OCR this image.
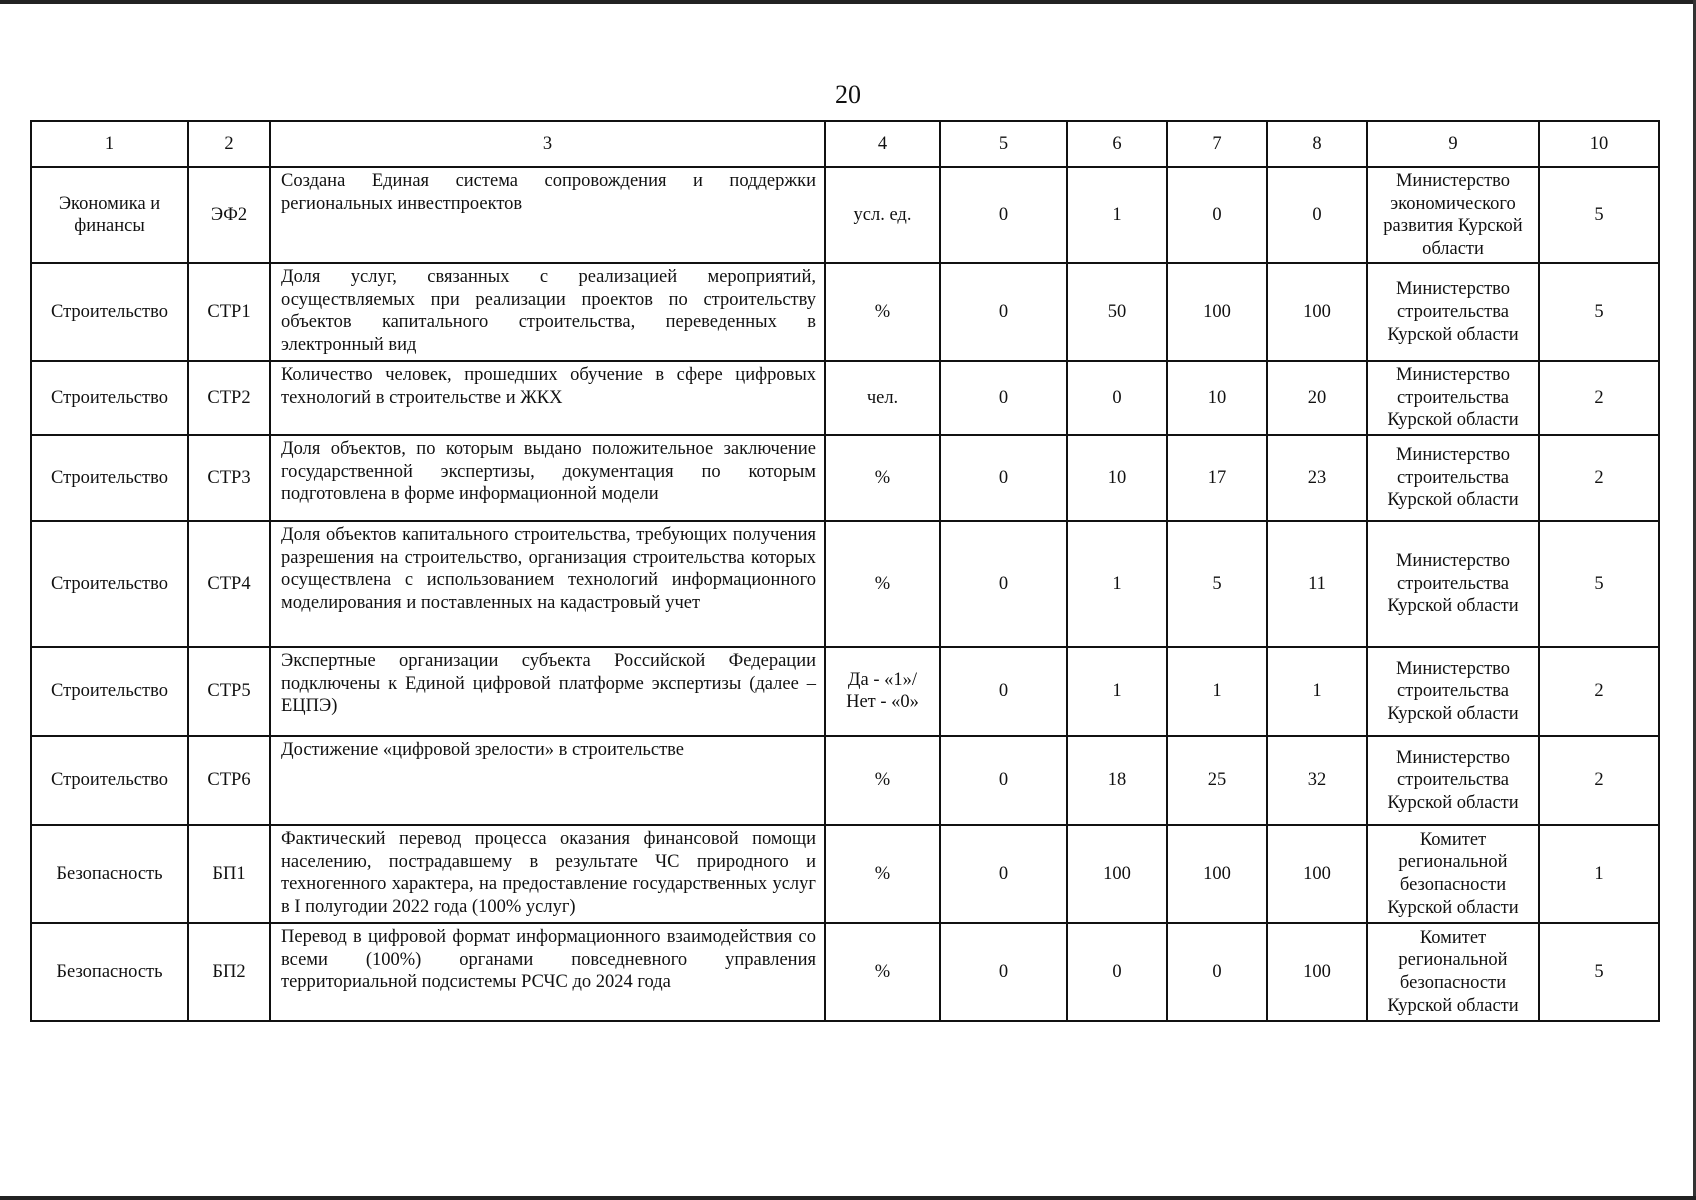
20
1	2	3	4	5	6	7	8	9	10
Экономика и финансы	ЭФ2	Создана Единая система сопровождения и поддержки региональных инвестпроектов	усл. ед.	0	1	0	0	Министерство экономического развития Курской области	5
Строительство	СТР1	Доля услуг, связанных с реализацией мероприятий, осуществляемых при реализации проектов по строительству объектов капитального строительства, переведенных в электронный вид	%	0	50	100	100	Министерство строительства Курской области	5
Строительство	СТР2	Количество человек, прошедших обучение в сфере цифровых технологий в строительстве и ЖКХ	чел.	0	0	10	20	Министерство строительства Курской области	2
Строительство	СТР3	Доля объектов, по которым выдано положительное заключение государственной экспертизы, документация по которым подготовлена в форме информационной модели	%	0	10	17	23	Министерство строительства Курской области	2
Строительство	СТР4	Доля объектов капитального строительства, требующих получения разрешения на строительство, организация строительства которых осуществлена с использованием технологий информационного моделирования и поставленных на кадастровый учет	%	0	1	5	11	Министерство строительства Курской области	5
Строительство	СТР5	Экспертные организации субъекта Российской Федерации подключены к Единой цифровой платформе экспертизы (далее – ЕЦПЭ)	Да - «1»/ Нет - «0»	0	1	1	1	Министерство строительства Курской области	2
Строительство	СТР6	Достижение «цифровой зрелости» в строительстве	%	0	18	25	32	Министерство строительства Курской области	2
Безопасность	БП1	Фактический перевод процесса оказания финансовой помощи населению, пострадавшему в результате ЧС природного и техногенного характера, на предоставление государственных услуг в I полугодии 2022 года (100% услуг)	%	0	100	100	100	Комитет региональной безопасности Курской области	1
Безопасность	БП2	Перевод в цифровой формат информационного взаимодействия со всеми (100%) органами повседневного управления территориальной подсистемы РСЧС до 2024 года	%	0	0	0	100	Комитет региональной безопасности Курской области	5
